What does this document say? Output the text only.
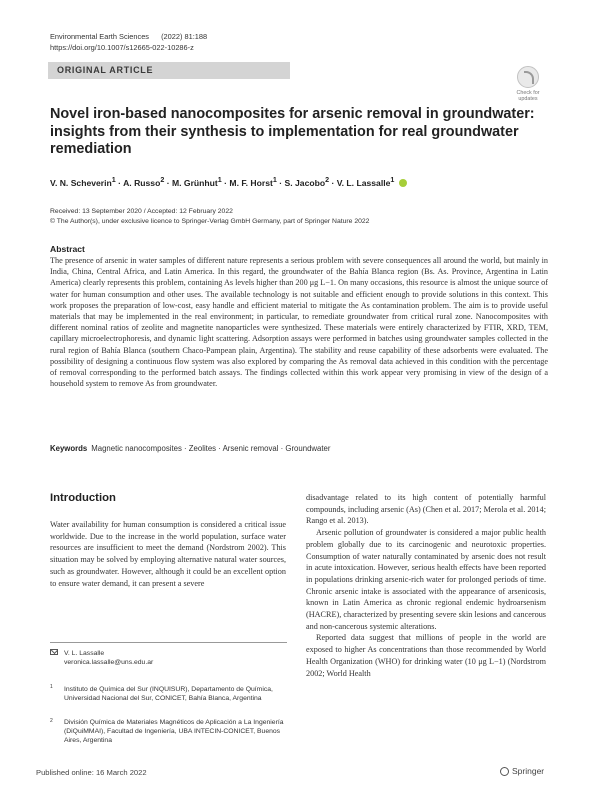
Environmental Earth Sciences (2022) 81:188
https://doi.org/10.1007/s12665-022-10286-z
ORIGINAL ARTICLE
Check for
updates
Novel iron-based nanocomposites for arsenic removal in groundwater: insights from their synthesis to implementation for real groundwater remediation
V. N. Scheverin$^1$ · A. Russo$^2$ · M. Grünhut$^1$ · M. F. Horst$^1$ · S. Jacobo$^2$ · V. L. Lassalle$^1$
Received: 13 September 2020 / Accepted: 12 February 2022
© The Author(s), under exclusive licence to Springer-Verlag GmbH Germany, part of Springer Nature 2022
Abstract
The presence of arsenic in water samples of different nature represents a serious problem with severe consequences all around the world, but mainly in India, China, Central Africa, and Latin America. In this regard, the groundwater of the Bahía Blanca region (Bs. As. Province, Argentina in Latin America) clearly represents this problem, containing As levels higher than 200 μg L−1. On many occasions, this resource is almost the unique source of water for human consumption and other uses. The available technology is not suitable and efficient enough to provide solutions in this context. This work proposes the preparation of low-cost, easy handle and efficient material to mitigate the As contamination problem. The aim is to provide useful materials that may be implemented in the real environment; in particular, to remediate groundwater from critical rural zone. Nanocomposites with different nominal ratios of zeolite and magnetite nanoparticles were synthesized. These materials were entirely characterized by FTIR, XRD, TEM, capillary microelectrophoresis, and dynamic light scattering. Adsorption assays were performed in batches using groundwater samples collected in the rural region of Bahía Blanca (southern Chaco-Pampean plain, Argentina). The stability and reuse capability of these adsorbents were evaluated. The possibility of designing a continuous flow system was also explored by comparing the As removal data achieved in this condition with the percentage of removal corresponding to the performed batch assays. The findings collected within this work appear very promising in view of the design of a household system to remove As from groundwater.
Keywords Magnetic nanocomposites · Zeolites · Arsenic removal · Groundwater
Introduction
Water availability for human consumption is considered a critical issue worldwide. Due to the increase in the world population, surface water resources are insufficient to meet the demand (Nordstrom 2002). This situation may be solved by employing alternative natural water sources, such as groundwater. However, although it could be an excellent option to ensure water demand, it can present a severe

disadvantage related to its high content of potentially harmful compounds, including arsenic (As) (Chen et al. 2017; Merola et al. 2014; Rango et al. 2013).

Arsenic pollution of groundwater is considered a major public health problem globally due to its carcinogenic and neurotoxic properties. Consumption of water naturally contaminated by arsenic does not result in acute intoxication. However, serious health effects have been reported in populations drinking arsenic-rich water for prolonged periods of time. Chronic arsenic intake is associated with the appearance of arsenicosis, known in Latin America as chronic regional endemic hydroarsenism (HACRE), characterized by presenting severe skin lesions and cancerous and non-cancerous systemic alterations.

Reported data suggest that millions of people in the world are exposed to higher As concentrations than those recommended by World Health Organization (WHO) for drinking water (10 μg L−1) (Nordstrom 2002; World Health

V. L. Lassalle
veronica.lassalle@uns.edu.ar
1 Instituto de Química del Sur (INQUISUR), Departamento de Química, Universidad Nacional del Sur, CONICET, Bahía Blanca, Argentina
2 División Química de Materiales Magnéticos de Aplicación a La Ingeniería (DiQuiMMAI), Facultad de Ingeniería, UBA INTECIN-CONICET, Buenos Aires, Argentina
Published online: 16 March 2022	Springer
